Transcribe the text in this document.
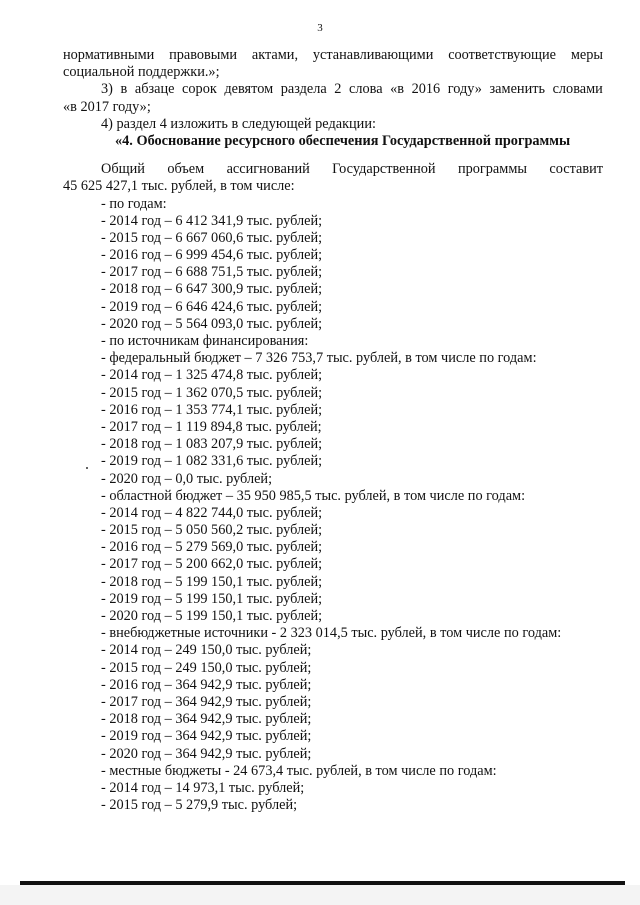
3
нормативными правовыми актами, устанавливающими соответствующие меры
социальной поддержки.»;
3) в абзаце сорок девятом раздела 2 слова «в 2016 году» заменить словами
«в 2017 году»;
4) раздел 4 изложить в следующей редакции:
«4. Обоснование ресурсного обеспечения Государственной программы
Общий объем ассигнований Государственной программы составит
45 625 427,1 тыс. рублей, в том числе:
- по годам:
- 2014 год – 6 412 341,9 тыс. рублей;
- 2015 год – 6 667 060,6 тыс. рублей;
- 2016 год – 6 999 454,6 тыс. рублей;
- 2017 год – 6 688 751,5 тыс. рублей;
- 2018 год – 6 647 300,9 тыс. рублей;
- 2019 год – 6 646 424,6 тыс. рублей;
- 2020 год – 5 564 093,0 тыс. рублей;
- по источникам финансирования:
- федеральный бюджет – 7 326 753,7 тыс. рублей, в том числе по годам:
- 2014 год – 1 325 474,8 тыс. рублей;
- 2015 год – 1 362 070,5 тыс. рублей;
- 2016 год – 1 353 774,1 тыс. рублей;
- 2017 год – 1 119 894,8 тыс. рублей;
- 2018 год – 1 083 207,9 тыс. рублей;
- 2019 год – 1 082 331,6 тыс. рублей;
- 2020 год – 0,0 тыс. рублей;
- областной бюджет – 35 950 985,5 тыс. рублей, в том числе по годам:
- 2014 год – 4 822 744,0 тыс. рублей;
- 2015 год – 5 050 560,2 тыс. рублей;
- 2016 год – 5 279 569,0 тыс. рублей;
- 2017 год – 5 200 662,0 тыс. рублей;
- 2018 год – 5 199 150,1 тыс. рублей;
- 2019 год – 5 199 150,1 тыс. рублей;
- 2020 год – 5 199 150,1 тыс. рублей;
- внебюджетные источники - 2 323 014,5 тыс. рублей, в том числе по годам:
- 2014 год – 249 150,0 тыс. рублей;
- 2015 год – 249 150,0 тыс. рублей;
- 2016 год – 364 942,9 тыс. рублей;
- 2017 год – 364 942,9 тыс. рублей;
- 2018 год – 364 942,9 тыс. рублей;
- 2019 год – 364 942,9 тыс. рублей;
- 2020 год – 364 942,9 тыс. рублей;
- местные бюджеты - 24 673,4 тыс. рублей, в том числе по годам:
- 2014 год – 14 973,1 тыс. рублей;
- 2015 год – 5 279,9 тыс. рублей;
